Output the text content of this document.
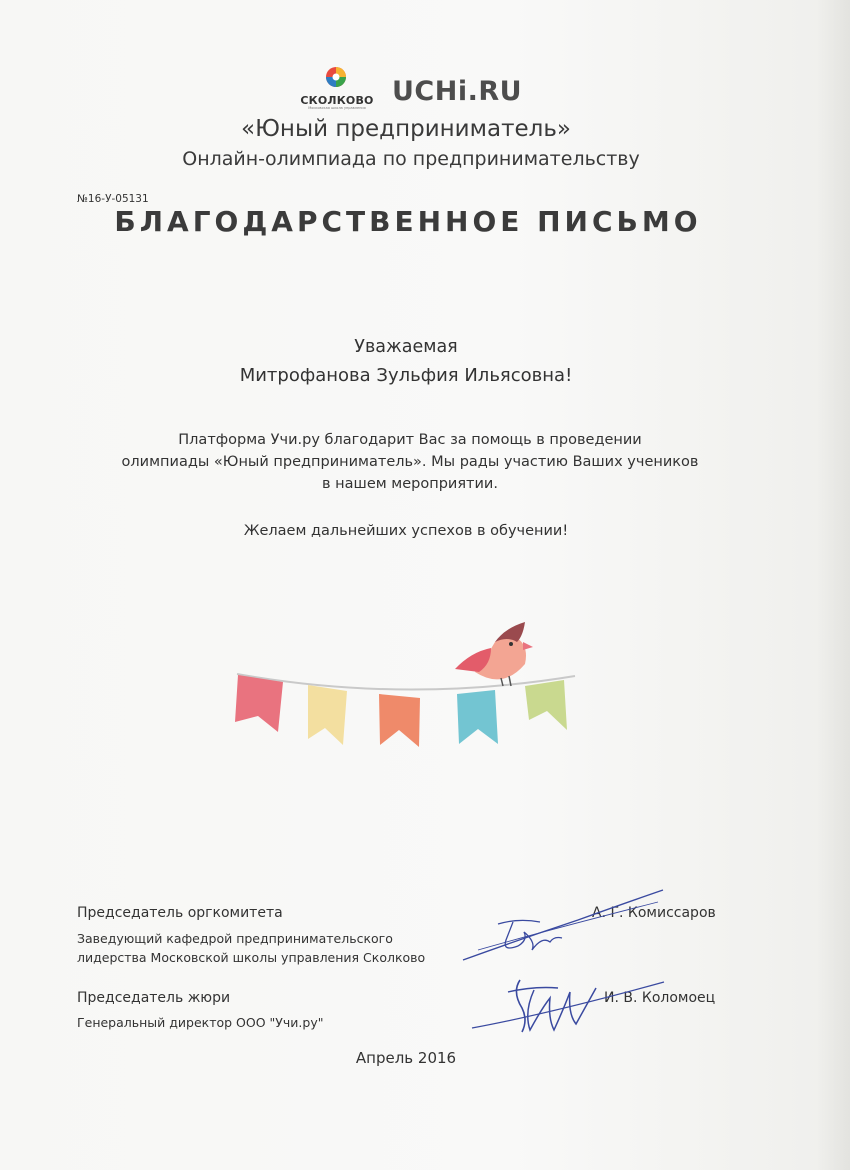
СКОЛКОВО
Московская школа управления
UCHi.RU
«Юный предприниматель»
Онлайн-олимпиада по предпринимательству
№16-У-05131
БЛАГОДАРСТВЕННОЕ ПИСЬМО
Уважаемая
Митрофанова Зульфия Ильясовна!
Платформа Учи.ру благодарит Вас за помощь в проведении
олимпиады «Юный предприниматель». Мы рады участию Ваших учеников
в нашем мероприятии.
Желаем дальнейших успехов в обучении!
Председатель оргкомитета
Заведующий кафедрой предпринимательского
лидерства Московской школы управления Сколково
А. Г. Комиссаров
Председатель жюри
Генеральный директор ООО "Учи.ру"
И. В. Коломоец
Апрель 2016
